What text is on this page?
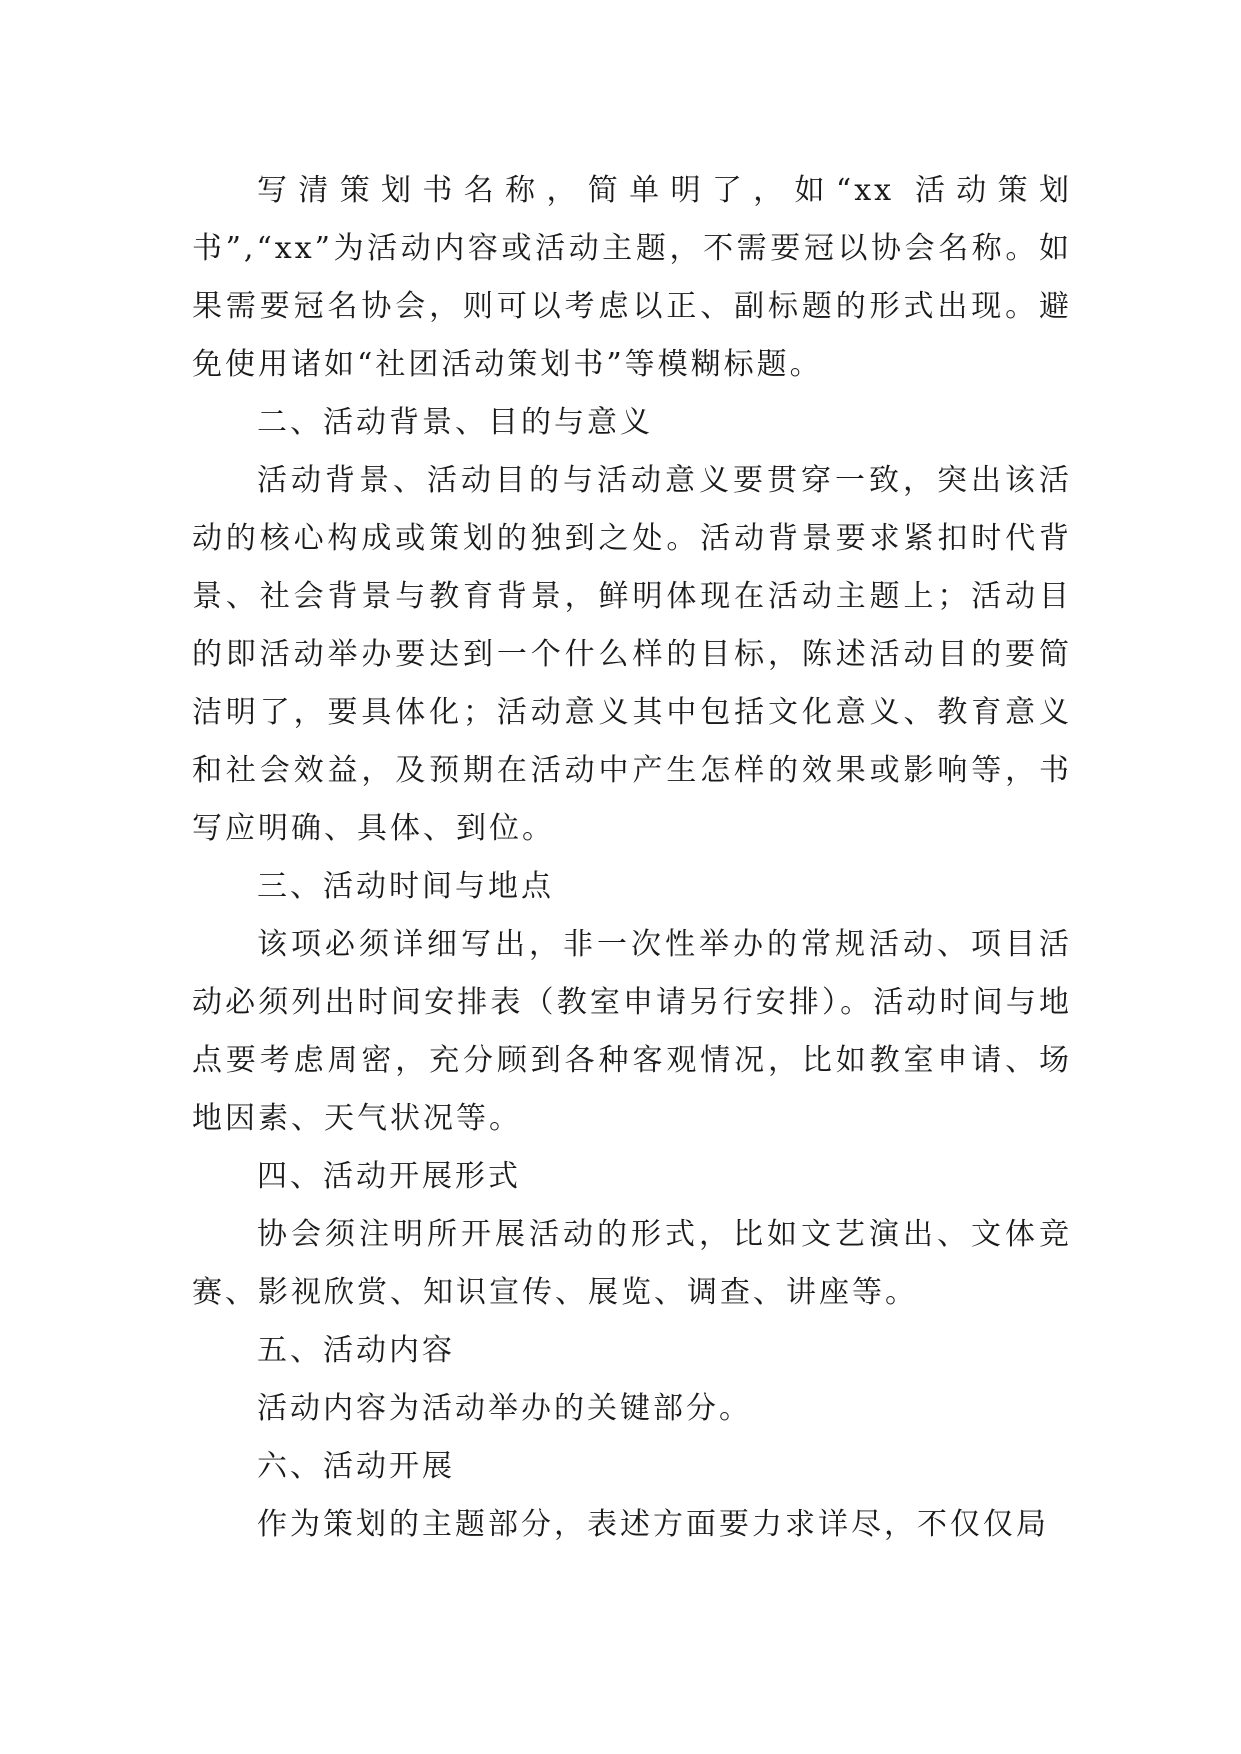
写清策划书名称，简单明了，如“xx 活动策划书”,“xx”为活动内容或活动主题，不需要冠以协会名称。如果需要冠名协会，则可以考虑以正、副标题的形式出现。避免使用诸如“社团活动策划书”等模糊标题。

二、活动背景、目的与意义

活动背景、活动目的与活动意义要贯穿一致，突出该活动的核心构成或策划的独到之处。活动背景要求紧扣时代背景、社会背景与教育背景，鲜明体现在活动主题上；活动目的即活动举办要达到一个什么样的目标，陈述活动目的要简洁明了，要具体化；活动意义其中包括文化意义、教育意义和社会效益，及预期在活动中产生怎样的效果或影响等，书写应明确、具体、到位。

三、活动时间与地点

该项必须详细写出，非一次性举办的常规活动、项目活动必须列出时间安排表（教室申请另行安排）。活动时间与地点要考虑周密，充分顾到各种客观情况，比如教室申请、场地因素、天气状况等。

四、活动开展形式

协会须注明所开展活动的形式，比如文艺演出、文体竞赛、影视欣赏、知识宣传、展览、调查、讲座等。

五、活动内容

活动内容为活动举办的关键部分。

六、活动开展

作为策划的主题部分，表述方面要力求详尽，不仅仅局
